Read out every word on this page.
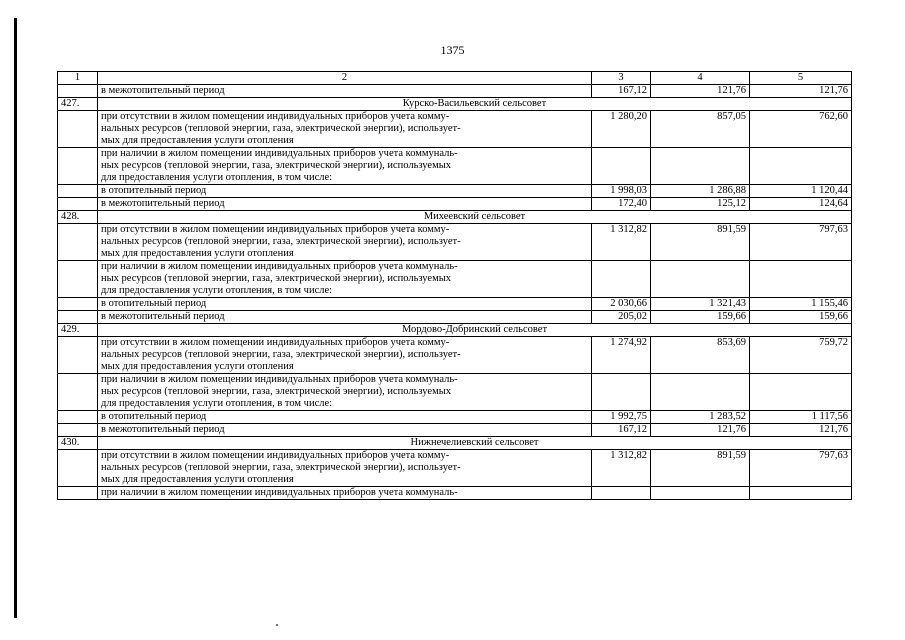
1375
1	2	3	4	5
	в межотопительный период	167,12	121,76	121,76
427.	Курско-Васильевский сельсовет			

	при отсутствии в жилом помещении индивидуальных приборов учета комму-
нальных ресурсов (тепловой энергии, газа, электрической энергии), использует-
мых для предоставления услуги отопления	1 280,20	857,05	762,60

	при наличии в жилом помещении индивидуальных приборов учета коммуналь-
ных ресурсов (тепловой энергии, газа, электрической энергии), используемых
для предоставления услуги отопления, в том числе:			

	в отопительный период	1 998,03	1 286,88	1 120,44
	в межотопительный период	172,40	125,12	124,64
428.	Михеевский сельсовет			

	при отсутствии в жилом помещении индивидуальных приборов учета комму-
нальных ресурсов (тепловой энергии, газа, электрической энергии), использует-
мых для предоставления услуги отопления	1 312,82	891,59	797,63

	при наличии в жилом помещении индивидуальных приборов учета коммуналь-
ных ресурсов (тепловой энергии, газа, электрической энергии), используемых
для предоставления услуги отопления, в том числе:			

	в отопительный период	2 030,66	1 321,43	1 155,46
	в межотопительный период	205,02	159,66	159,66
429.	Мордово-Добринский сельсовет			

	при отсутствии в жилом помещении индивидуальных приборов учета комму-
нальных ресурсов (тепловой энергии, газа, электрической энергии), использует-
мых для предоставления услуги отопления	1 274,92	853,69	759,72

	при наличии в жилом помещении индивидуальных приборов учета коммуналь-
ных ресурсов (тепловой энергии, газа, электрической энергии), используемых
для предоставления услуги отопления, в том числе:			

	в отопительный период	1 992,75	1 283,52	1 117,56
	в межотопительный период	167,12	121,76	121,76
430.	Нижнечелиевский сельсовет			

	при отсутствии в жилом помещении индивидуальных приборов учета комму-
нальных ресурсов (тепловой энергии, газа, электрической энергии), использует-
мых для предоставления услуги отопления	1 312,82	891,59	797,63

	при наличии в жилом помещении индивидуальных приборов учета коммуналь-			
